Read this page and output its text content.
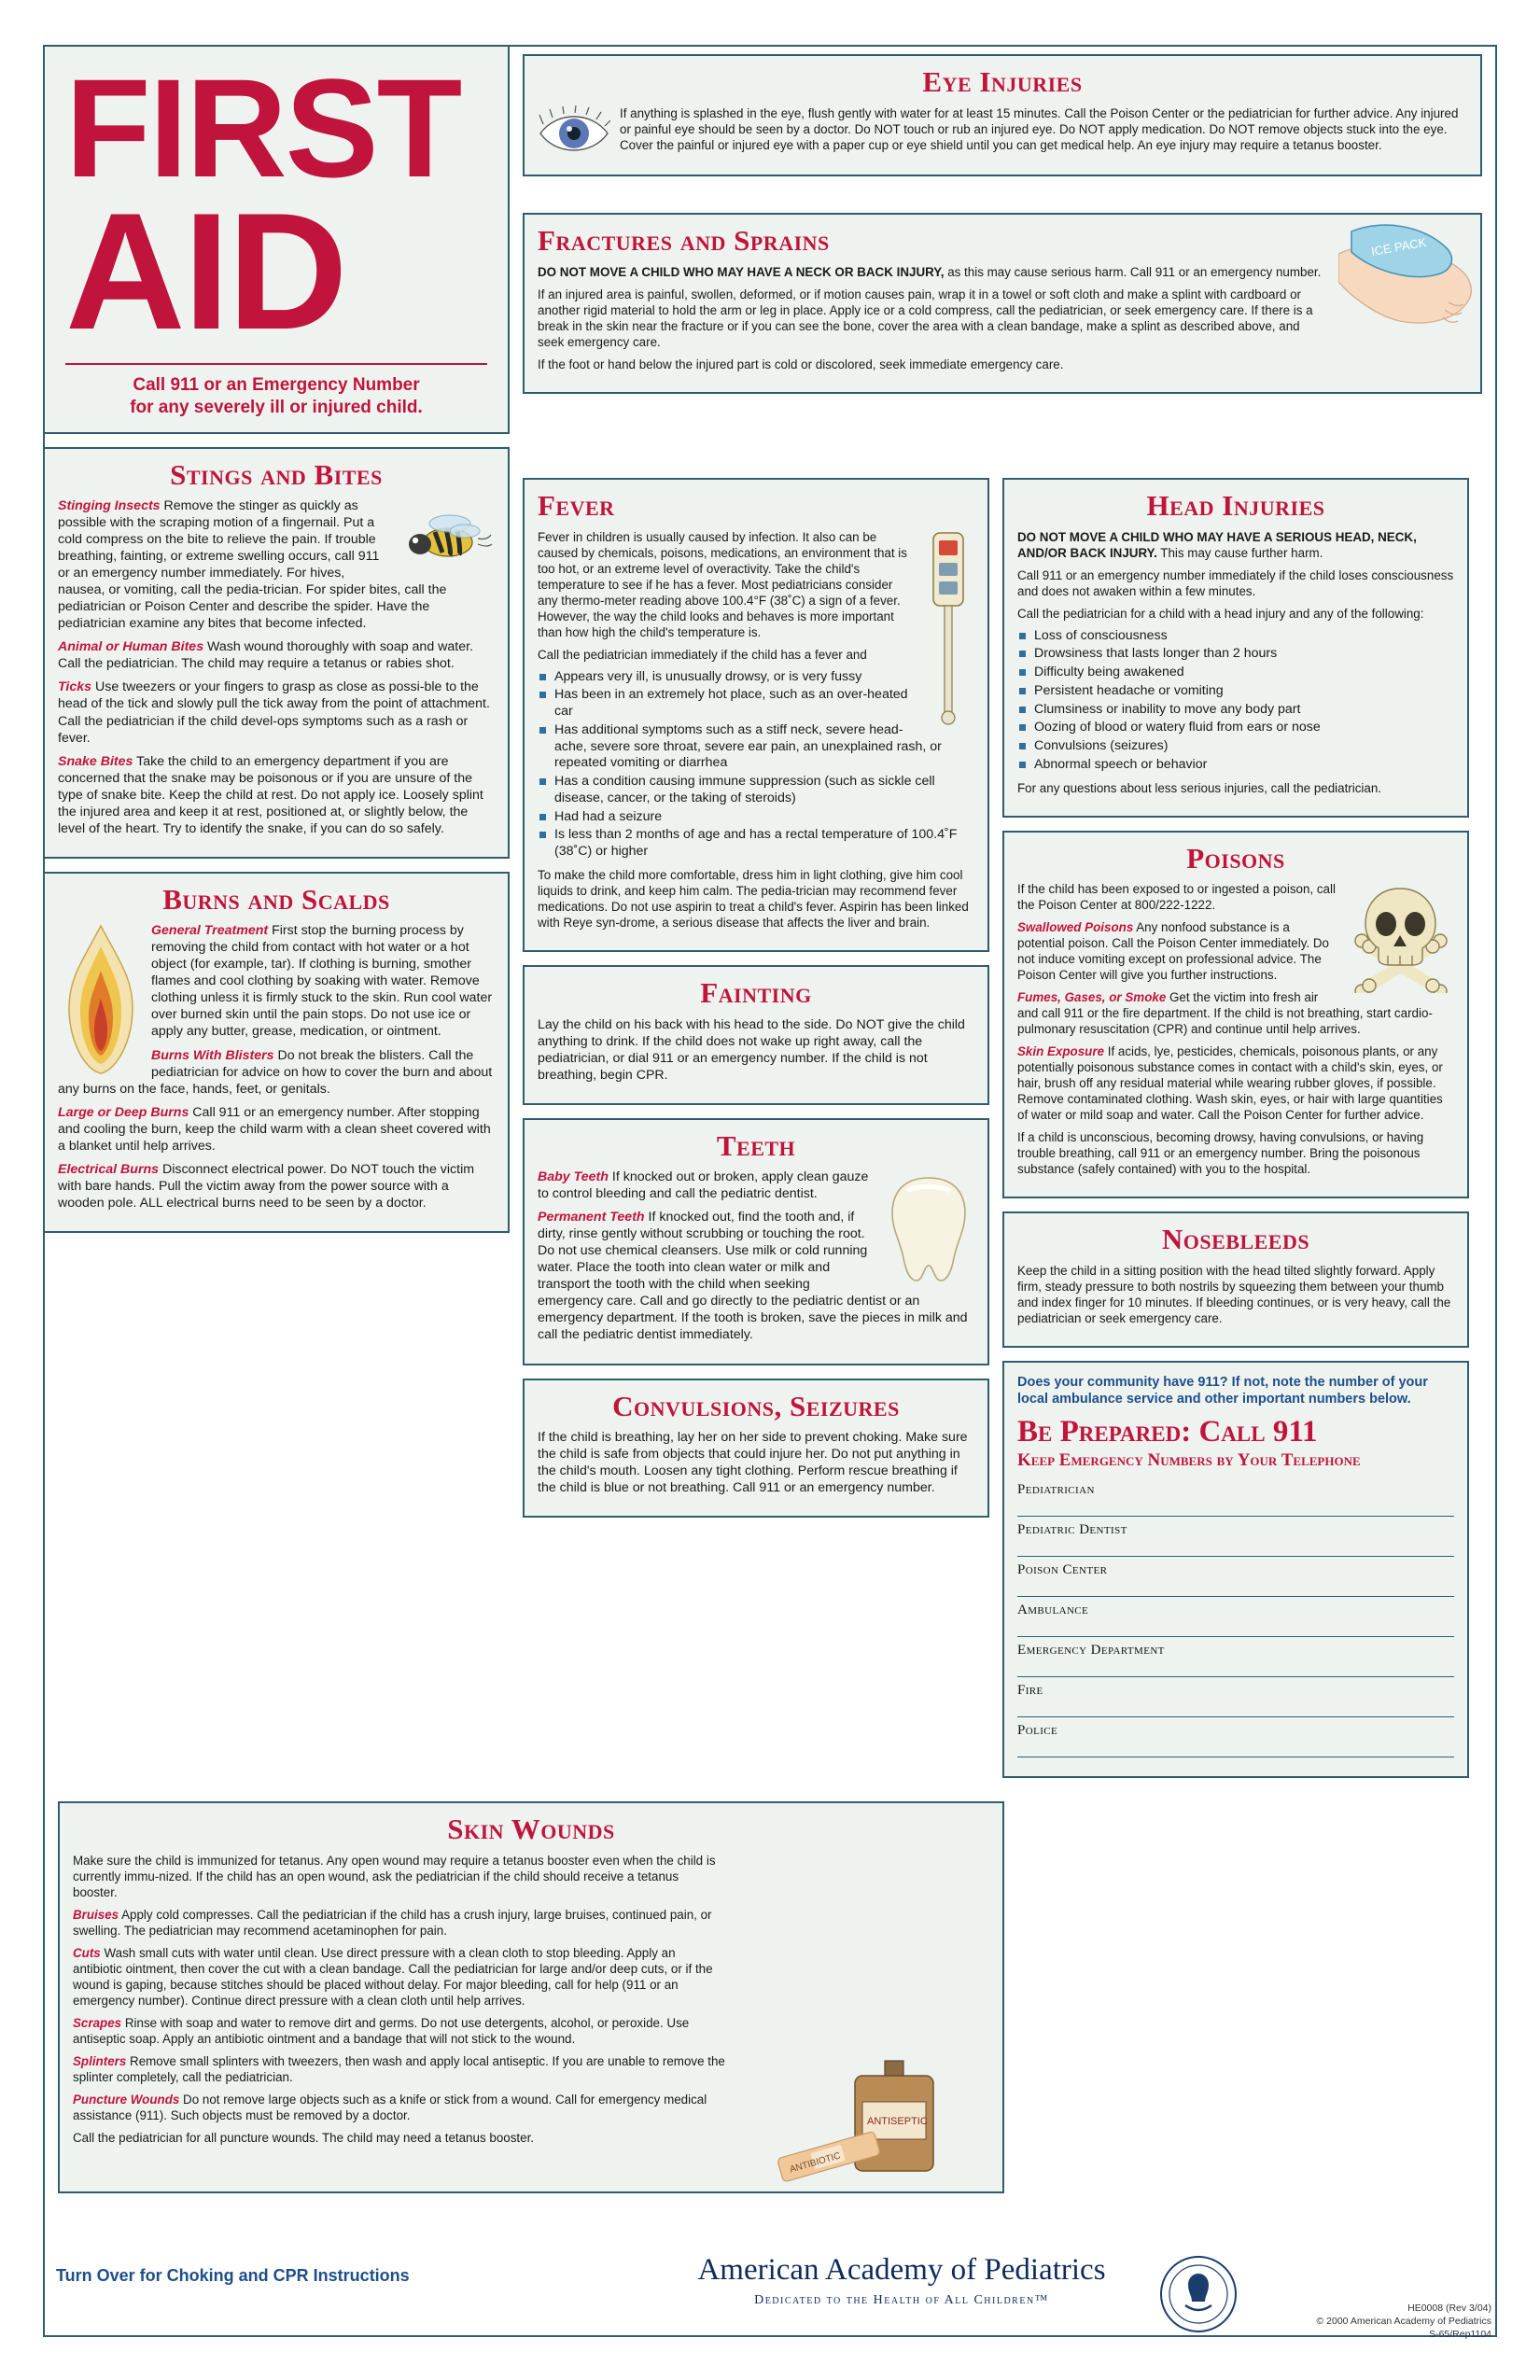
FIRST
AID
Call 911 or an Emergency Number
for any severely ill or injured child.
Stings and Bites

Stinging Insects Remove the stinger as quickly as possible with the scraping motion of a fingernail. Put a cold compress on the bite to relieve the pain. If trouble breathing, fainting, or extreme swelling occurs, call 911 or an emergency number immediately. For hives, nausea, or vomiting, call the pedia-trician. For spider bites, call the pediatrician or Poison Center and describe the spider. Have the pediatrician examine any bites that become infected.

Animal or Human Bites Wash wound thoroughly with soap and water. Call the pediatrician. The child may require a tetanus or rabies shot.

Ticks Use tweezers or your fingers to grasp as close as possi-ble to the head of the tick and slowly pull the tick away from the point of attachment. Call the pediatrician if the child devel-ops symptoms such as a rash or fever.

Snake Bites Take the child to an emergency department if you are concerned that the snake may be poisonous or if you are unsure of the type of snake bite. Keep the child at rest. Do not apply ice. Loosely splint the injured area and keep it at rest, positioned at, or slightly below, the level of the heart. Try to identify the snake, if you can do so safely.

Burns and Scalds

General Treatment First stop the burning process by removing the child from contact with hot water or a hot object (for example, tar). If clothing is burning, smother flames and cool clothing by soaking with water. Remove clothing unless it is firmly stuck to the skin. Run cool water over burned skin until the pain stops. Do not use ice or apply any butter, grease, medication, or ointment.

Burns With Blisters Do not break the blisters. Call the pediatrician for advice on how to cover the burn and about any burns on the face, hands, feet, or genitals.

Large or Deep Burns Call 911 or an emergency number. After stopping and cooling the burn, keep the child warm with a clean sheet covered with a blanket until help arrives.

Electrical Burns Disconnect electrical power. Do NOT touch the victim with bare hands. Pull the victim away from the power source with a wooden pole. ALL electrical burns need to be seen by a doctor.

Fever

Fever in children is usually caused by infection. It also can be caused by chemicals, poisons, medications, an environment that is too hot, or an extreme level of overactivity. Take the child's temperature to see if he has a fever. Most pediatricians consider any thermo-meter reading above 100.4°F (38˚C) a sign of a fever. However, the way the child looks and behaves is more important than how high the child's temperature is.

Call the pediatrician immediately if the child has a fever and

Appears very ill, is unusually drowsy, or is very fussy
Has been in an extremely hot place, such as an over-heated car
Has additional symptoms such as a stiff neck, severe head-ache, severe sore throat, severe ear pain, an unexplained rash, or repeated vomiting or diarrhea
Has a condition causing immune suppression (such as sickle cell disease, cancer, or the taking of steroids)
Had had a seizure
Is less than 2 months of age and has a rectal temperature of 100.4˚F (38˚C) or higher

To make the child more comfortable, dress him in light clothing, give him cool liquids to drink, and keep him calm. The pedia-trician may recommend fever medications. Do not use aspirin to treat a child's fever. Aspirin has been linked with Reye syn-drome, a serious disease that affects the liver and brain.

Fainting

Lay the child on his back with his head to the side. Do NOT give the child anything to drink. If the child does not wake up right away, call the pediatrician, or dial 911 or an emergency number. If the child is not breathing, begin CPR.

Teeth

Baby Teeth If knocked out or broken, apply clean gauze to control bleeding and call the pediatric dentist.

Permanent Teeth If knocked out, find the tooth and, if dirty, rinse gently without scrubbing or touching the root. Do not use chemical cleansers. Use milk or cold running water. Place the tooth into clean water or milk and transport the tooth with the child when seeking emergency care. Call and go directly to the pediatric dentist or an emergency department. If the tooth is broken, save the pieces in milk and call the pediatric dentist immediately.

Convulsions, Seizures

If the child is breathing, lay her on her side to prevent choking. Make sure the child is safe from objects that could injure her. Do not put anything in the child's mouth. Loosen any tight clothing. Perform rescue breathing if the child is blue or not breathing. Call 911 or an emergency number.

Head Injuries

DO NOT MOVE A CHILD WHO MAY HAVE A SERIOUS HEAD, NECK, AND/OR BACK INJURY. This may cause further harm.

Call 911 or an emergency number immediately if the child loses consciousness and does not awaken within a few minutes.

Call the pediatrician for a child with a head injury and any of the following:

Loss of consciousness
Drowsiness that lasts longer than 2 hours
Difficulty being awakened
Persistent headache or vomiting
Clumsiness or inability to move any body part
Oozing of blood or watery fluid from ears or nose
Convulsions (seizures)
Abnormal speech or behavior

For any questions about less serious injuries, call the pediatrician.

Poisons

If the child has been exposed to or ingested a poison, call the Poison Center at 800/222-1222.

Swallowed Poisons Any nonfood substance is a potential poison. Call the Poison Center immediately. Do not induce vomiting except on professional advice. The Poison Center will give you further instructions.

Fumes, Gases, or Smoke Get the victim into fresh air and call 911 or the fire department. If the child is not breathing, start cardio-pulmonary resuscitation (CPR) and continue until help arrives.

Skin Exposure If acids, lye, pesticides, chemicals, poisonous plants, or any potentially poisonous substance comes in contact with a child's skin, eyes, or hair, brush off any residual material while wearing rubber gloves, if possible. Remove contaminated clothing. Wash skin, eyes, or hair with large quantities of water or mild soap and water. Call the Poison Center for further advice.

If a child is unconscious, becoming drowsy, having convulsions, or having trouble breathing, call 911 or an emergency number. Bring the poisonous substance (safely contained) with you to the hospital.

Nosebleeds

Keep the child in a sitting position with the head tilted slightly forward. Apply firm, steady pressure to both nostrils by squeezing them between your thumb and index finger for 10 minutes. If bleeding continues, or is very heavy, call the pediatrician or seek emergency care.

Does your community have 911? If not, note the number of your local ambulance service and other important numbers below.
Be Prepared: Call 911
Keep Emergency Numbers by Your Telephone
Pediatrician
Pediatric Dentist
Poison Center
Ambulance
Emergency Department
Fire
Police
Eye Injuries

If anything is splashed in the eye, flush gently with water for at least 15 minutes. Call the Poison Center or the pediatrician for further advice. Any injured or painful eye should be seen by a doctor. Do NOT touch or rub an injured eye. Do NOT apply medication. Do NOT remove objects stuck into the eye. Cover the painful or injured eye with a paper cup or eye shield until you can get medical help. An eye injury may require a tetanus booster.

Fractures and Sprains	ICE PACK

DO NOT MOVE A CHILD WHO MAY HAVE A NECK OR BACK INJURY, as this may cause serious harm. Call 911 or an emergency number.

If an injured area is painful, swollen, deformed, or if motion causes pain, wrap it in a towel or soft cloth and make a splint with cardboard or another rigid material to hold the arm or leg in place. Apply ice or a cold compress, call the pediatrician, or seek emergency care. If there is a break in the skin near the fracture or if you can see the bone, cover the area with a clean bandage, make a splint as described above, and seek emergency care.

If the foot or hand below the injured part is cold or discolored, seek immediate emergency care.

Skin Wounds
ANTISEPTIC
ANTIBIOTIC

Make sure the child is immunized for tetanus. Any open wound may require a tetanus booster even when the child is currently immu-nized. If the child has an open wound, ask the pediatrician if the child should receive a tetanus booster.

Bruises Apply cold compresses. Call the pediatrician if the child has a crush injury, large bruises, continued pain, or swelling. The pediatrician may recommend acetaminophen for pain.

Cuts Wash small cuts with water until clean. Use direct pressure with a clean cloth to stop bleeding. Apply an antibiotic ointment, then cover the cut with a clean bandage. Call the pediatrician for large and/or deep cuts, or if the wound is gaping, because stitches should be placed without delay. For major bleeding, call for help (911 or an emergency number). Continue direct pressure with a clean cloth until help arrives.

Scrapes Rinse with soap and water to remove dirt and germs. Do not use detergents, alcohol, or peroxide. Use antiseptic soap. Apply an antibiotic ointment and a bandage that will not stick to the wound.

Splinters Remove small splinters with tweezers, then wash and apply local antiseptic. If you are unable to remove the splinter completely, call the pediatrician.

Puncture Wounds Do not remove large objects such as a knife or stick from a wound. Call for emergency medical assistance (911). Such objects must be removed by a doctor.

Call the pediatrician for all puncture wounds. The child may need a tetanus booster.

Turn Over for Choking and CPR Instructions	American Academy of Pediatrics
Dedicated to the Health of All Children™
HE0008 (Rev 3/04)
© 2000 American Academy of Pediatrics
S-65/Rep1104
